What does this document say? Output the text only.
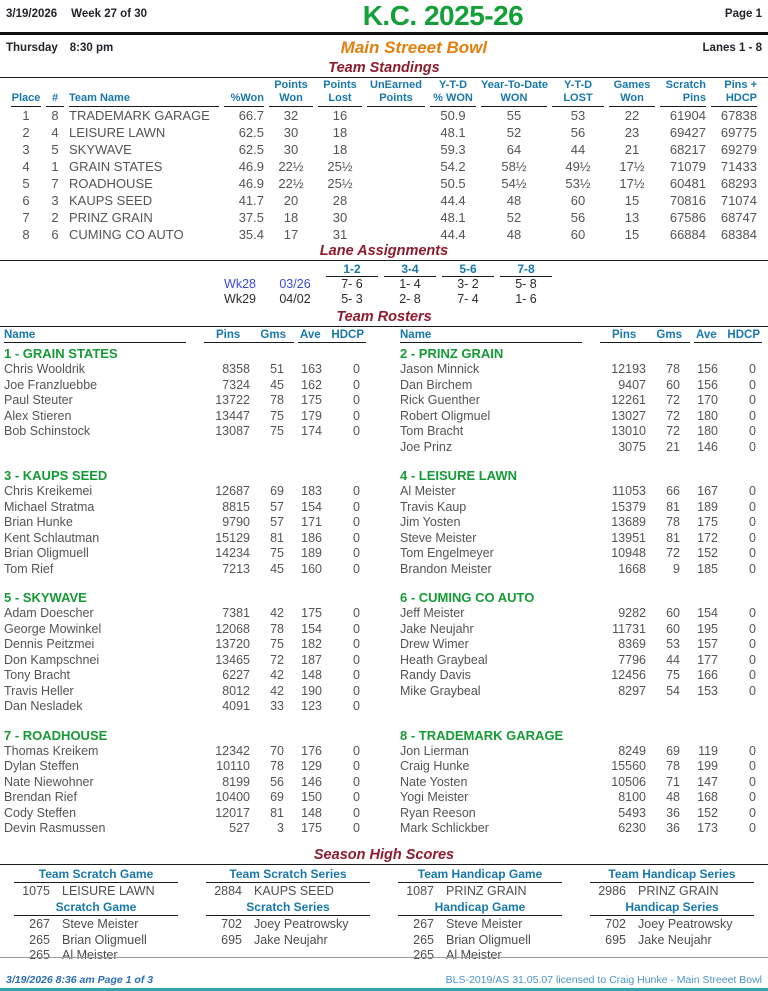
3/19/2026 Week 27 of 30	K.C. 2025-26	Page 1
Thursday 8:30 pm	Main Streeet Bowl	Lanes 1 - 8
Team Standings
				Points	Points	UnEarned	Y-T-D	Year-To-Date	Y-T-D	Games	Scratch	Pins +
Place	#	Team Name	%Won	Won	Lost	Points	% WON	WON	LOST	Won	Pins	HDCP
1	8	TRADEMARK GARAGE	66.7	32	16		50.9	55	53	22	61904	67838
2	4	LEISURE LAWN	62.5	30	18		48.1	52	56	23	69427	69775
3	5	SKYWAVE	62.5	30	18		59.3	64	44	21	68217	69279
4	1	GRAIN STATES	46.9	22½	25½		54.2	58½	49½	17½	71079	71433
5	7	ROADHOUSE	46.9	22½	25½		50.5	54½	53½	17½	60481	68293
6	3	KAUPS SEED	41.7	20	28		44.4	48	60	15	70816	71074
7	2	PRINZ GRAIN	37.5	18	30		48.1	52	56	13	67586	68747
8	6	CUMING CO AUTO	35.4	17	31		44.4	48	60	15	66884	68384
Lane Assignments
		1-2	3-4	5-6	7-8
Wk28	03/26	7- 6	1- 4	3- 2	5- 8
Wk29	04/02	5- 3	2- 8	7- 4	1- 6
Team Rosters
Name	Pins Gms Ave HDCP	Name	Pins Gms Ave HDCP
1 - GRAIN STATES
Chris Wooldrik	8358	51	163	0
Joe Franzluebbe	7324	45	162	0
Paul Steuter	13722	78	175	0
Alex Stieren	13447	75	179	0
Bob Schinstock	13087	75	174	0
2 - PRINZ GRAIN
Jason Minnick	12193	78	156	0
Dan Birchem	9407	60	156	0
Rick Guenther	12261	72	170	0
Robert Oligmuel	13027	72	180	0
Tom Bracht	13010	72	180	0
Joe Prinz	3075	21	146	0
3 - KAUPS SEED
Chris Kreikemei	12687	69	183	0
Michael Stratma	8815	57	154	0
Brian Hunke	9790	57	171	0
Kent Schlautman	15129	81	186	0
Brian Oligmuell	14234	75	189	0
Tom Rief	7213	45	160	0
4 - LEISURE LAWN
Al Meister	11053	66	167	0
Travis Kaup	15379	81	189	0
Jim Yosten	13689	78	175	0
Steve Meister	13951	81	172	0
Tom Engelmeyer	10948	72	152	0
Brandon Meister	1668	9	185	0
5 - SKYWAVE
Adam Doescher	7381	42	175	0
George Mowinkel	12068	78	154	0
Dennis Peitzmei	13720	75	182	0
Don Kampschnei	13465	72	187	0
Tony Bracht	6227	42	148	0
Travis Heller	8012	42	190	0
Dan Nesladek	4091	33	123	0
6 - CUMING CO AUTO
Jeff Meister	9282	60	154	0
Jake Neujahr	11731	60	195	0
Drew Wimer	8369	53	157	0
Heath Graybeal	7796	44	177	0
Randy Davis	12456	75	166	0
Mike Graybeal	8297	54	153	0
7 - ROADHOUSE
Thomas Kreikem	12342	70	176	0
Dylan Steffen	10110	78	129	0
Nate Niewohner	8199	56	146	0
Brendan Rief	10400	69	150	0
Cody Steffen	12017	81	148	0
Devin Rasmussen	527	3	175	0
8 - TRADEMARK GARAGE
Jon Lierman	8249	69	119	0
Craig Hunke	15560	78	199	0
Nate Yosten	10506	71	147	0
Yogi Meister	8100	48	168	0
Ryan Reeson	5493	36	152	0
Mark Schlickber	6230	36	173	0
Season High Scores
Team Scratch Game
1075	LEISURE LAWN
Scratch Game
267	Steve Meister
265	Brian Oligmuell
265	Al Meister
Team Scratch Series
2884	KAUPS SEED
Scratch Series
702	Joey Peatrowsky
695	Jake Neujahr
Team Handicap Game
1087	PRINZ GRAIN
Handicap Game
267	Steve Meister
265	Brian Oligmuell
265	Al Meister
Team Handicap Series
2986	PRINZ GRAIN
Handicap Series
702	Joey Peatrowsky
695	Jake Neujahr
3/19/2026 8:36 am Page 1 of 3	BLS-2019/AS 31.05.07 licensed to Craig Hunke - Main Streeet Bowl
